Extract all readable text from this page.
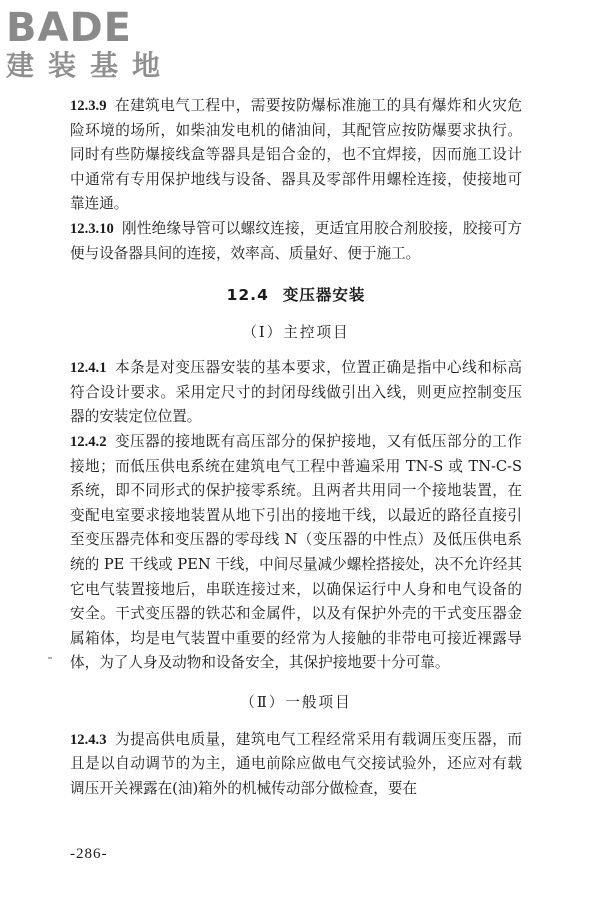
BADE
建装基地

12.3.9 在建筑电气工程中，需要按防爆标准施工的具有爆炸和火灾危险环境的场所，如柴油发电机的储油间，其配管应按防爆要求执行。同时有些防爆接线盒等器具是铝合金的，也不宜焊接，因而施工设计中通常有专用保护地线与设备、器具及零部件用螺栓连接，使接地可靠连通。

12.3.10 刚性绝缘导管可以螺纹连接，更适宜用胶合剂胶接，胶接可方便与设备器具间的连接，效率高、质量好、便于施工。

12.4 变压器安装
（Ⅰ）主控项目

12.4.1 本条是对变压器安装的基本要求，位置正确是指中心线和标高符合设计要求。采用定尺寸的封闭母线做引出入线，则更应控制变压器的安装定位位置。

12.4.2 变压器的接地既有高压部分的保护接地，又有低压部分的工作接地；而低压供电系统在建筑电气工程中普遍采用 TN-S 或 TN-C-S 系统，即不同形式的保护接零系统。且两者共用同一个接地装置，在变配电室要求接地装置从地下引出的接地干线，以最近的路径直接引至变压器壳体和变压器的零母线 N（变压器的中性点）及低压供电系统的 PE 干线或 PEN 干线，中间尽量减少螺栓搭接处，决不允许经其它电气装置接地后，串联连接过来，以确保运行中人身和电气设备的安全。干式变压器的铁芯和金属件，以及有保护外壳的干式变压器金属箱体，均是电气装置中重要的经常为人接触的非带电可接近裸露导体，为了人身及动物和设备安全，其保护接地要十分可靠。

（Ⅱ）一般项目

12.4.3 为提高供电质量，建筑电气工程经常采用有载调压变压器，而且是以自动调节的为主，通电前除应做电气交接试验外，还应对有载调压开关裸露在(油)箱外的机械传动部分做检查，要在

-286-
